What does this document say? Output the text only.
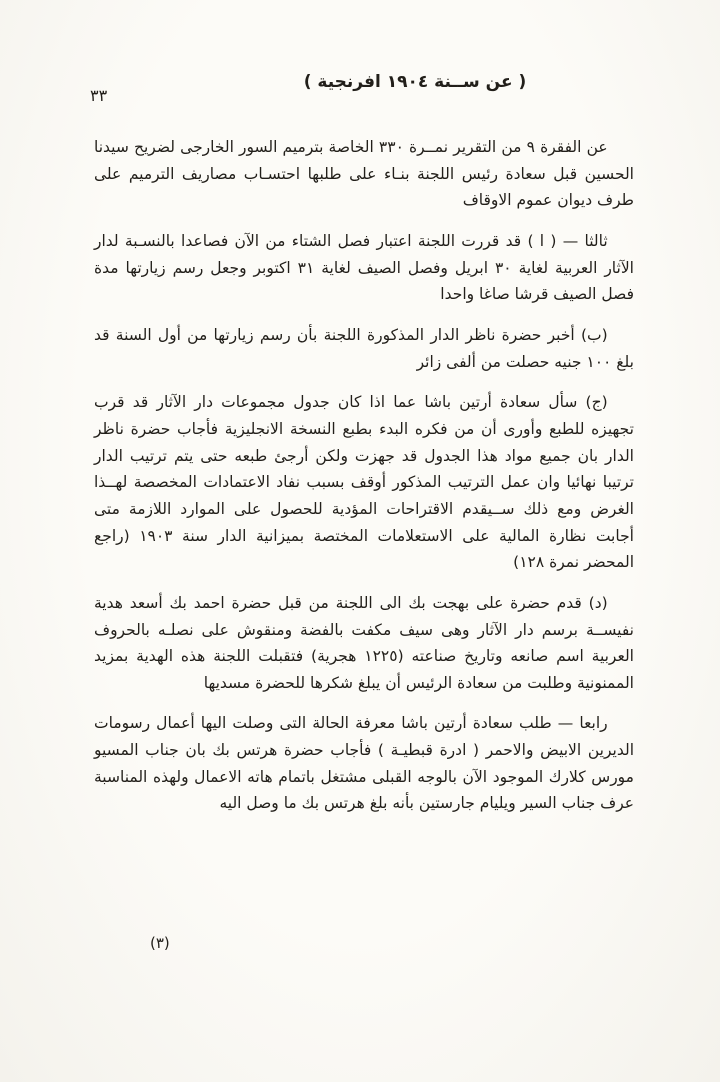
٣٣
( عن ســنة ١٩٠٤ افرنجية )

عن الفقرة ٩ من التقرير نمــرة ٣٣٠ الخاصة بترميم السور الخارجى لضريح سيدنا الحسين قبل سعادة رئيس اللجنة بنـاء على طلبها احتسـاب مصاريف الترميم على طرف ديوان عموم الاوقاف

ثالثا — ( ا ) قد قررت اللجنة اعتبار فصل الشتاء من الآن فصاعدا بالنسـبة لدار الآثار العربية لغاية ٣٠ ابريل وفصل الصيف لغاية ٣١ اكتوبر وجعل رسم زيارتها مدة فصل الصيف قرشا صاغا واحدا

(ب) أخبر حضرة ناظر الدار المذكورة اللجنة بأن رسم زيارتها من أول السنة قد بلغ ١٠٠ جنيه حصلت من ألفى زائر

(ج) سأل سعادة أرتين باشا عما اذا كان جدول مجموعات دار الآثار قد قرب تجهيزه للطبع وأورى أن من فكره البدء بطبع النسخة الانجليزية فأجاب حضرة ناظر الدار بان جميع مواد هذا الجدول قد جهزت ولكن أرجئ طبعه حتى يتم ترتيب الدار ترتيبا نهائيا وان عمل الترتيب المذكور أوقف بسبب نفاد الاعتمادات المخصصة لهــذا الغرض ومع ذلك ســيقدم الاقتراحات المؤدية للحصول على الموارد اللازمة متى أجابت نظارة المالية على الاستعلامات المختصة بميزانية الدار سنة ١٩٠٣ (راجع المحضر نمرة ١٢٨)

(د) قدم حضرة على بهجت بك الى اللجنة من قبل حضرة احمد بك أسعد هدية نفيســة برسم دار الآثار وهى سيف مكفت بالفضة ومنقوش على نصلـه بالحروف العربية اسم صانعه وتاريخ صناعته (١٢٢٥ هجرية) فتقبلت اللجنة هذه الهدية بمزيد الممنونية وطلبت من سعادة الرئيس أن يبلغ شكرها للحضرة مسديها

رابعا — طلب سعادة أرتين باشا معرفة الحالة التى وصلت اليها أعمال رسومات الديرين الابيض والاحمر ( ادرة قبطيـة ) فأجاب حضرة هرتس بك بان جناب المسيو مورس كلارك الموجود الآن بالوجه القبلى مشتغل باتمام هاته الاعمال ولهذه المناسبة عرف جناب السير ويليام جارستين بأنه بلغ هرتس بك ما وصل اليه

(٣)
